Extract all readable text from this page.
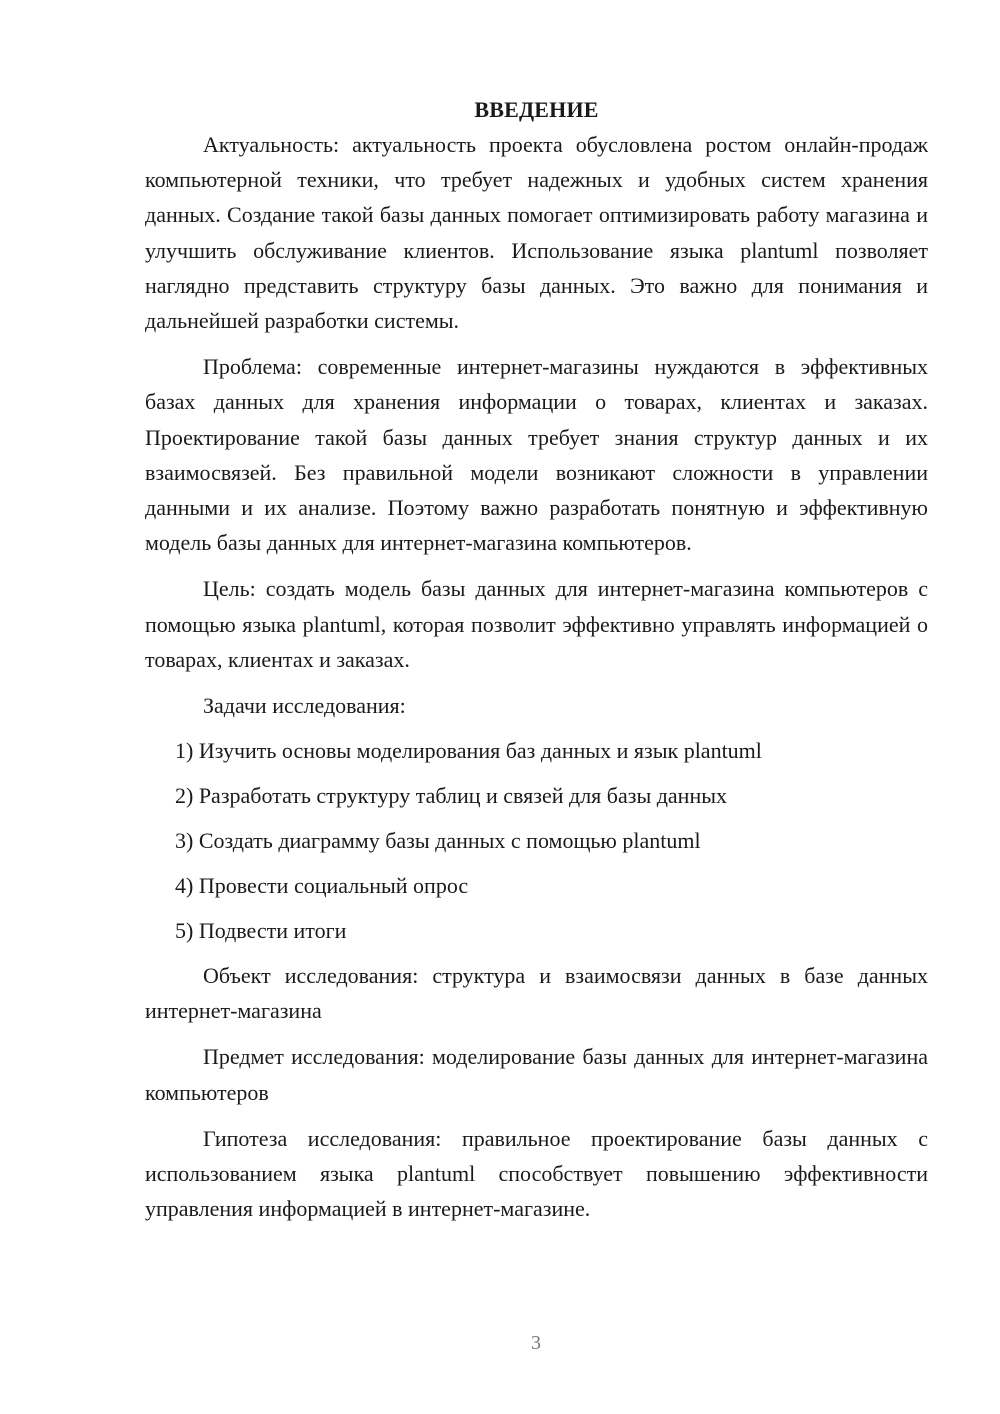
ВВЕДЕНИЕ

Актуальность: актуальность проекта обусловлена ростом онлайн-продаж компьютерной техники, что требует надежных и удобных систем хранения данных. Создание такой базы данных помогает оптимизировать работу магазина и улучшить обслуживание клиентов. Использование языка plantuml позволяет наглядно представить структуру базы данных. Это важно для понимания и дальнейшей разработки системы.

Проблема: современные интернет-магазины нуждаются в эффективных базах данных для хранения информации о товарах, клиентах и заказах. Проектирование такой базы данных требует знания структур данных и их взаимосвязей. Без правильной модели возникают сложности в управлении данными и их анализе. Поэтому важно разработать понятную и эффективную модель базы данных для интернет-магазина компьютеров.

Цель: создать модель базы данных для интернет-магазина компьютеров с помощью языка plantuml, которая позволит эффективно управлять информацией о товарах, клиентах и заказах.

Задачи исследования:
1) Изучить основы моделирования баз данных и язык plantuml
2) Разработать структуру таблиц и связей для базы данных
3) Создать диаграмму базы данных с помощью plantuml
4) Провести социальный опрос
5) Подвести итоги

Объект исследования: структура и взаимосвязи данных в базе данных интернет-магазина

Предмет исследования: моделирование базы данных для интернет-магазина компьютеров

Гипотеза исследования: правильное проектирование базы данных с использованием языка plantuml способствует повышению эффективности управления информацией в интернет-магазине.

3
